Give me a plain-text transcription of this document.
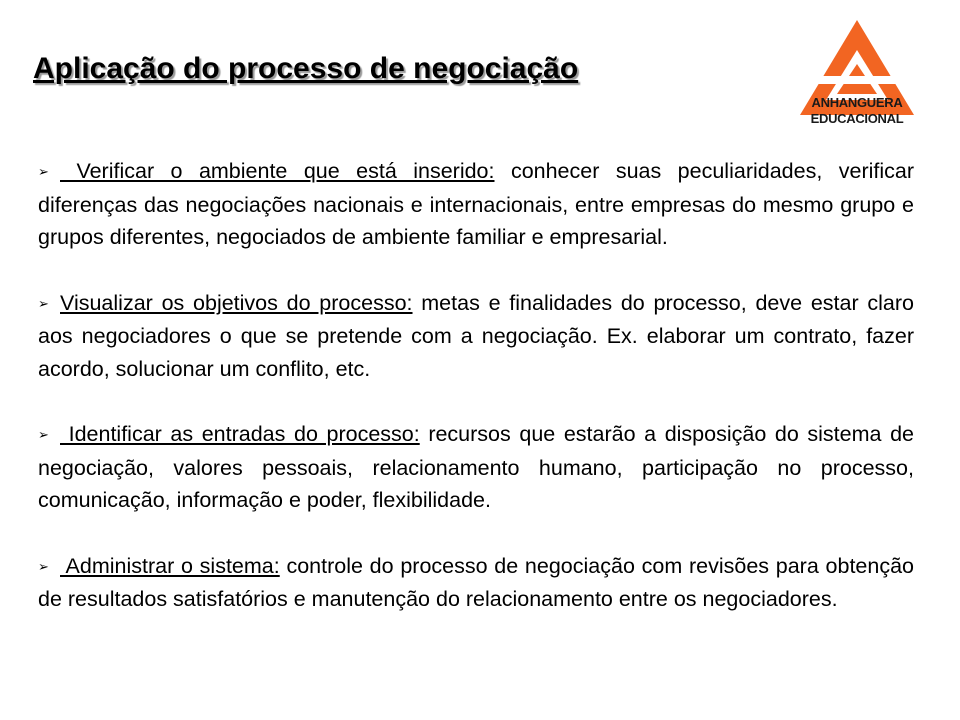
Aplicação do processo de negociação
ANHANGUERA
EDUCACIONAL
➢ Verificar o ambiente que está inserido: conhecer suas peculiaridades, verificar diferenças das negociações nacionais e internacionais, entre empresas do mesmo grupo e grupos diferentes, negociados de ambiente familiar e empresarial.
➢ Visualizar os objetivos do processo: metas e finalidades do processo, deve estar claro aos negociadores o que se pretende com a negociação. Ex. elaborar um contrato, fazer acordo, solucionar um conflito, etc.
➢ Identificar as entradas do processo: recursos que estarão a disposição do sistema de negociação, valores pessoais, relacionamento humano, participação no processo, comunicação, informação e poder, flexibilidade.
➢ Administrar o sistema: controle do processo de negociação com revisões para obtenção de resultados satisfatórios e manutenção do relacionamento entre os negociadores.
